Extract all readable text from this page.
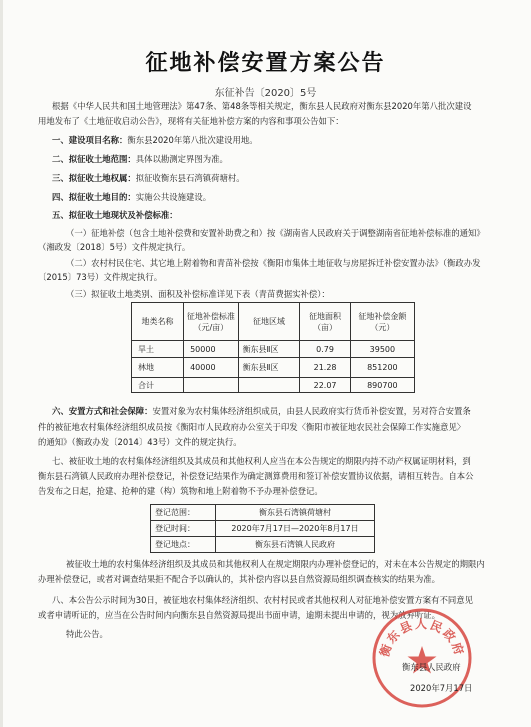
征地补偿安置方案公告
东征补告〔2020〕5号
根据《中华人民共和国土地管理法》第47条、第48条等相关规定，衡东县人民政府对衡东县2020年第八批次建设
用地发布了《土地征收启动公告》，现将有关征地补偿方案的内容和事项公告如下：
一、建设项目名称：衡东县2020年第八批次建设用地。
二、拟征收土地范围：具体以勘测定界图为准。
三、拟征收土地权属：拟征收衡东县石湾镇荷塘村。
四、拟征收土地目的：实施公共设施建设。
五、拟征收土地现状及补偿标准：
（一）征地补偿（包含土地补偿费和安置补助费之和）按《湖南省人民政府关于调整湖南省征地补偿标准的通知》
（湘政发〔2018〕5号）文件规定执行。
（二）农村村民住宅、其它地上附着物和青苗补偿按《衡阳市集体土地征收与房屋拆迁补偿安置办法》（衡政办发
〔2015〕73号）文件规定执行。
（三）拟征收土地类别、面积及补偿标准详见下表（青苗费据实补偿）：
地类名称	征地补偿标准（元/亩）	征地区域	征地面积（亩）	征地补偿金额（元）
旱土	50000	衡东县Ⅱ区	0.79	39500
林地	40000	衡东县Ⅱ区	21.28	851200
合计			22.07	890700
六、安置方式和社会保障：安置对象为农村集体经济组织成员，由县人民政府实行货币补偿安置，另对符合安置条
件的被征地农村集体经济组织成员按《衡阳市人民政府办公室关于印发〈衡阳市被征地农民社会保障工作实施意见〉
的通知》（衡政办发〔2014〕43号）文件的规定执行。
七、被征收土地的农村集体经济组织及其成员和其他权利人应当在本公告规定的期限内持不动产权属证明材料，到
衡东县石湾镇人民政府办理补偿登记，补偿登记结果作为确定测算费用和签订补偿安置协议依据，请相互转告。自本公
告发布之日起，抢建、抢种的建（构）筑物和地上附着物不予办理补偿登记。
登记范围：	衡东县石湾镇荷塘村
登记时间：	2020年7月17日—2020年8月17日
登记地点：	衡东县石湾镇人民政府
被征收土地的农村集体经济组织及其成员和其他权利人在规定期限内办理补偿登记的，对未在本公告规定的期限内
办理补偿登记，或者对调查结果拒不配合予以确认的，其补偿内容以县自然资源局组织调查核实的结果为准。
八、本公告公示时间为30日，被征地农村集体经济组织、农村村民或者其他权利人对征地补偿安置方案有不同意见
或者申请听证的，应当在公告时间内向衡东县自然资源局提出书面申请，逾期未提出申请的，视为放弃听证。
特此公告。
衡东县人民政府
衡东县人民政府
2020年7月17日
